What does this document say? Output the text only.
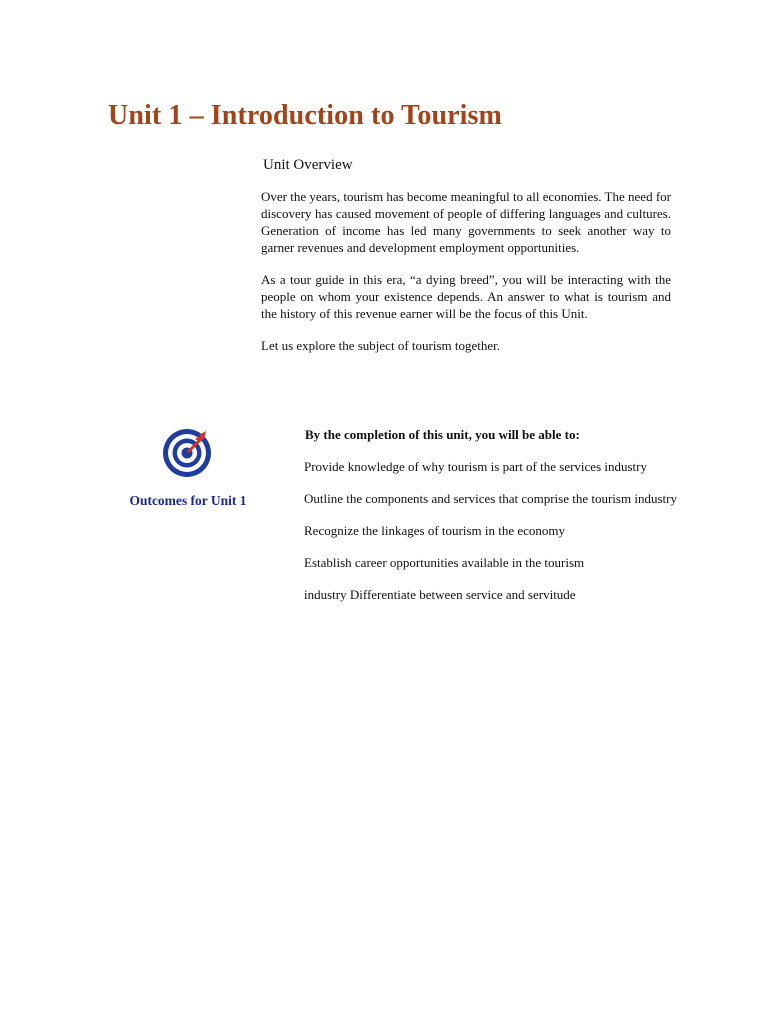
Unit 1 – Introduction to Tourism
Unit Overview

Over the years, tourism has become meaningful to all economies. The need for discovery has caused movement of people of differing languages and cultures. Generation of income has led many governments to seek another way to garner revenues and development employment opportunities.

As a tour guide in this era, “a dying breed”, you will be interacting with the people on whom your existence depends. An answer to what is tourism and the history of this revenue earner will be the focus of this Unit.

Let us explore the subject of tourism together.

Outcomes for Unit 1

By the completion of this unit, you will be able to:

Provide knowledge of why tourism is part of the services industry
Outline the components and services that comprise the tourism industry
Recognize the linkages of tourism in the economy
Establish career opportunities available in the tourism
industry Differentiate between service and servitude
